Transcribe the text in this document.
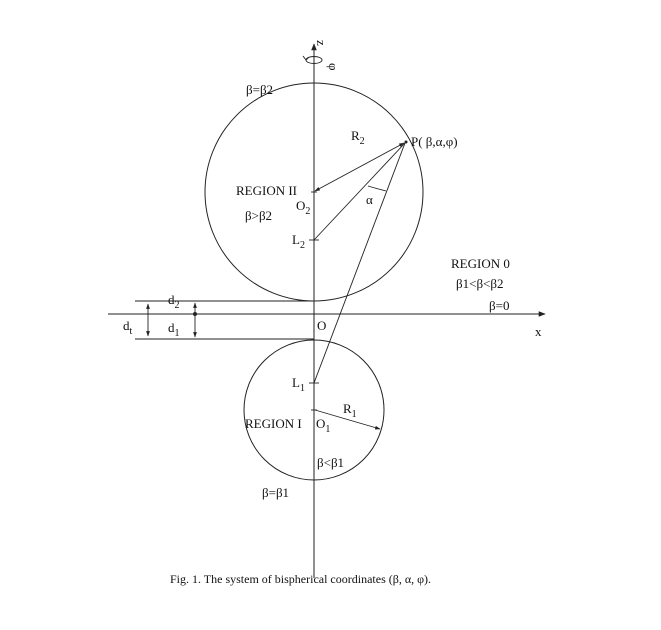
z
φ
x
O
$d_2$
$d_t$	$d_1$
β=β2
REGION II
β>β2
$O_2$
$L_2$
$R_2$
α
P( β,α,φ)
REGION 0
β1<β<β2
β=0
$L_1$
$R_1$
REGION I $O_1$
β<β1
β=β1
Fig. 1. The system of bispherical coordinates (β, α, φ).
